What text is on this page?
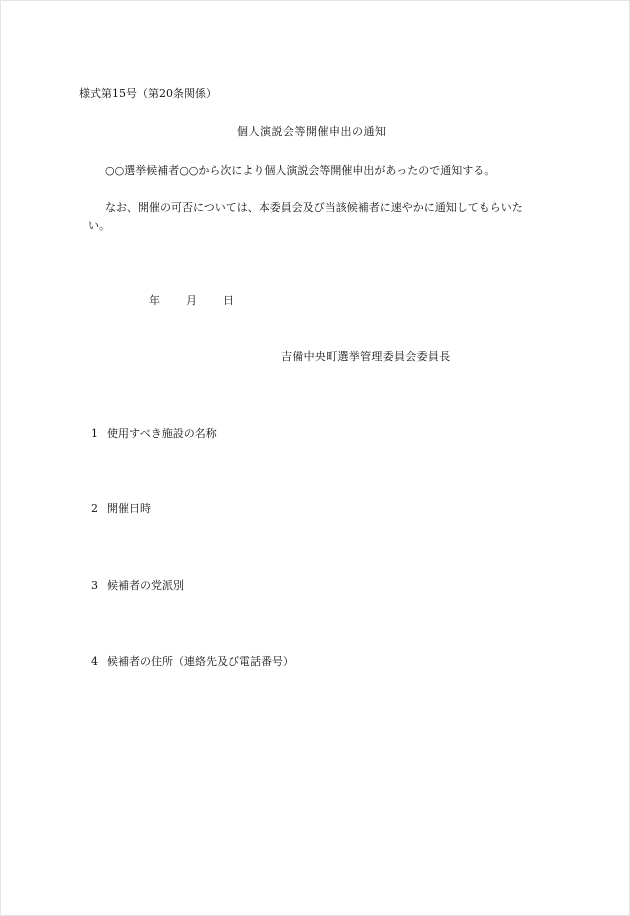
様式第15号（第20条関係）
個人演説会等開催申出の通知
○○選挙候補者○○から次により個人演説会等開催申出があったので通知する。
なお、開催の可否については、本委員会及び当該候補者に速やかに通知してもらいた
い。
年 月 日
吉備中央町選挙管理委員会委員長
1 使用すべき施設の名称
2 開催日時
3 候補者の党派別
4 候補者の住所（連絡先及び電話番号）
